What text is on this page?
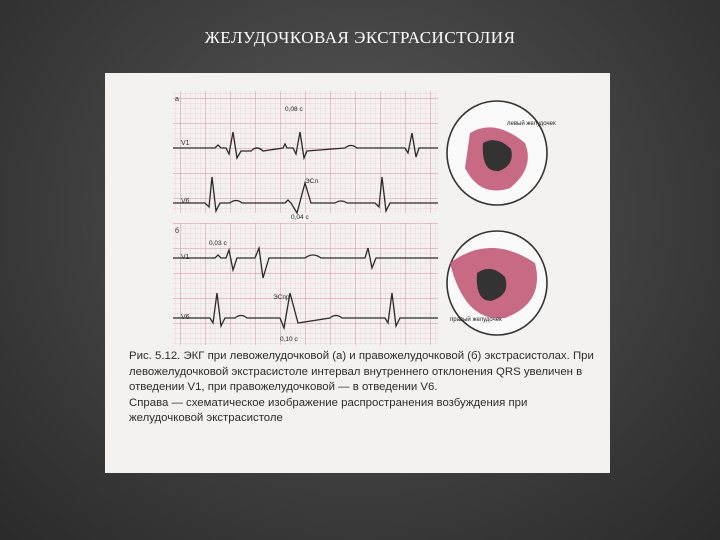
ЖЕЛУДОЧКОВАЯ ЭКСТРАСИСТОЛИЯ
V1
V6
V1
V6
a
б
0,08 c
0,04 c
0,03 c
0,10 c
ЭСл
ЭСпр
левый желудочек
правый желудочек

Рис. 5.12. ЭКГ при левожелудочковой (а) и правожелудочковой (б) экстрасистолах. При левожелудочковой экстрасистоле интервал внутреннего отклонения QRS увеличен в отведении V1, при правожелудочковой — в отведении V6.

Справа — схематическое изображение распространения возбуждения при желудочковой экстрасистоле
